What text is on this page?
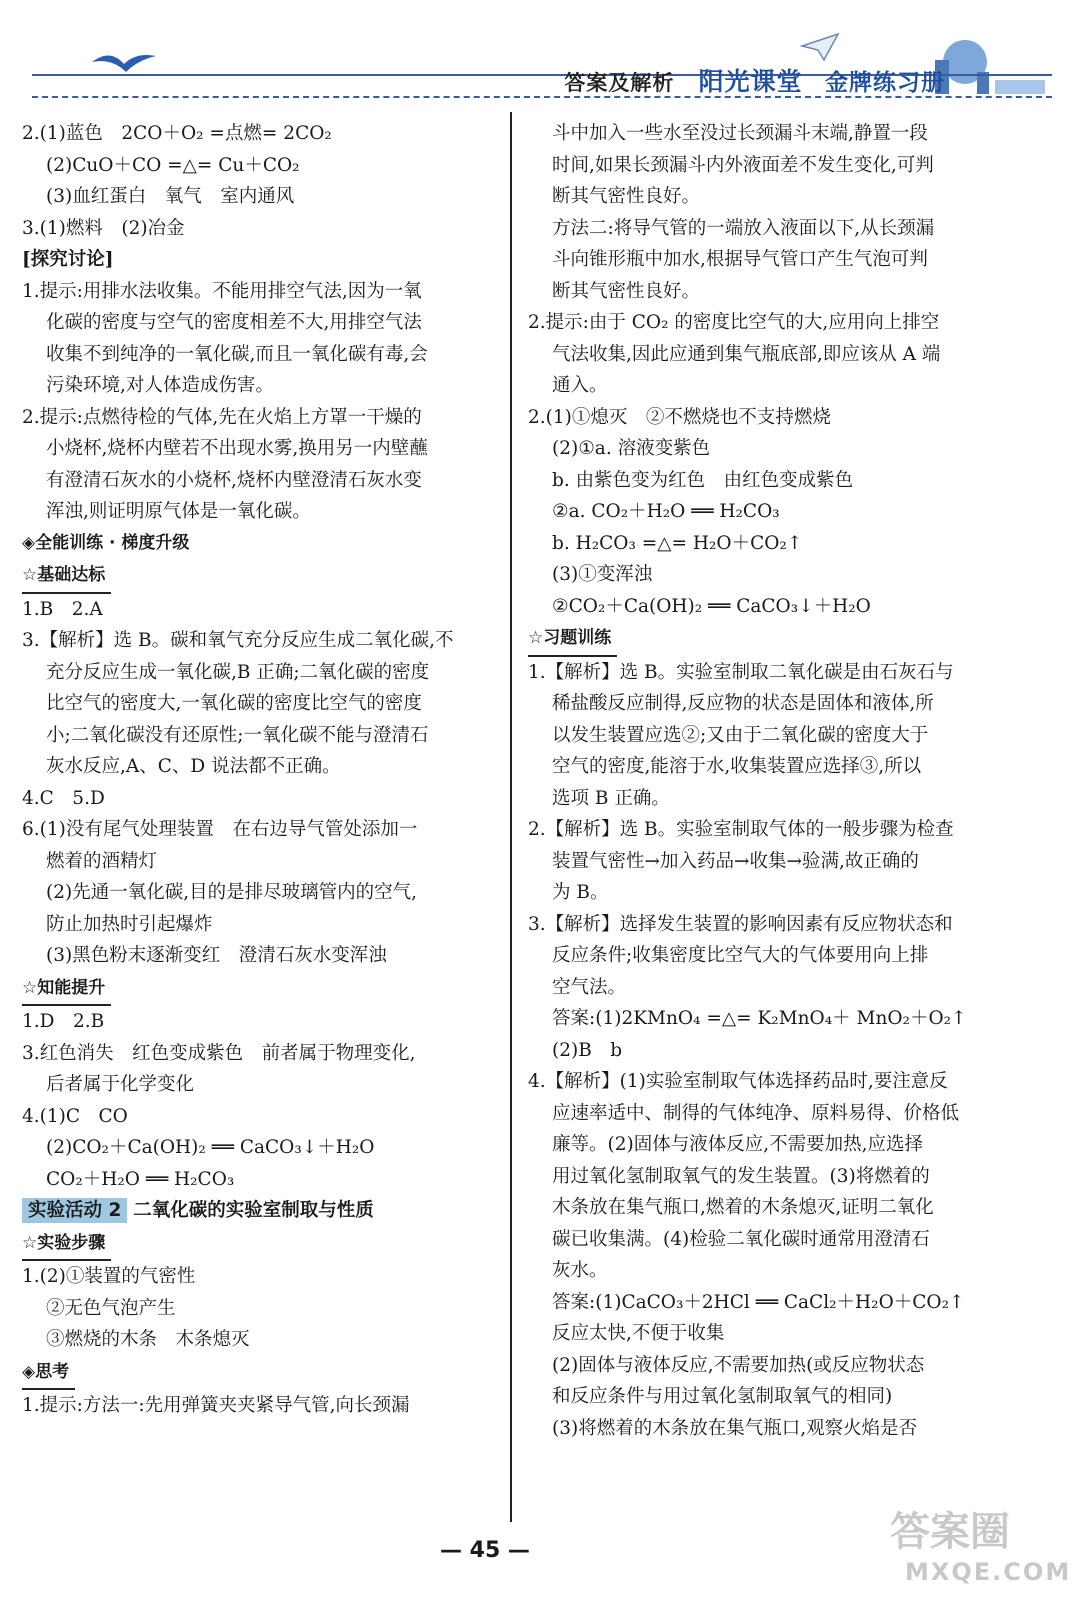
答案及解析 阳光课堂 金牌练习册
2.(1)蓝色　2CO＋O₂ =点燃= 2CO₂
(2)CuO＋CO =△= Cu＋CO₂
(3)血红蛋白　氧气　室内通风
3.(1)燃料　(2)冶金
[探究讨论]
1.提示:用排水法收集。不能用排空气法,因为一氧
化碳的密度与空气的密度相差不大,用排空气法
收集不到纯净的一氧化碳,而且一氧化碳有毒,会
污染环境,对人体造成伤害。
2.提示:点燃待检的气体,先在火焰上方罩一干燥的
小烧杯,烧杯内壁若不出现水雾,换用另一内壁蘸
有澄清石灰水的小烧杯,烧杯内壁澄清石灰水变
浑浊,则证明原气体是一氧化碳。
◈全能训练 · 梯度升级
☆基础达标
1.B　2.A
3.【解析】选 B。碳和氧气充分反应生成二氧化碳,不
充分反应生成一氧化碳,B 正确;二氧化碳的密度
比空气的密度大,一氧化碳的密度比空气的密度
小;二氧化碳没有还原性;一氧化碳不能与澄清石
灰水反应,A、C、D 说法都不正确。
4.C　5.D
6.(1)没有尾气处理装置　在右边导气管处添加一
燃着的酒精灯
(2)先通一氧化碳,目的是排尽玻璃管内的空气,
防止加热时引起爆炸
(3)黑色粉末逐渐变红　澄清石灰水变浑浊
☆知能提升
1.D　2.B
3.红色消失　红色变成紫色　前者属于物理变化,
后者属于化学变化
4.(1)C　CO
(2)CO₂＋Ca(OH)₂ ══ CaCO₃↓＋H₂O
CO₂＋H₂O ══ H₂CO₃
实验活动 2 二氧化碳的实验室制取与性质
☆实验步骤
1.(2)①装置的气密性
②无色气泡产生
③燃烧的木条　木条熄灭
◈思考
1.提示:方法一:先用弹簧夹夹紧导气管,向长颈漏
斗中加入一些水至没过长颈漏斗末端,静置一段
时间,如果长颈漏斗内外液面差不发生变化,可判
断其气密性良好。
方法二:将导气管的一端放入液面以下,从长颈漏
斗向锥形瓶中加水,根据导气管口产生气泡可判
断其气密性良好。
2.提示:由于 CO₂ 的密度比空气的大,应用向上排空
气法收集,因此应通到集气瓶底部,即应该从 A 端
通入。
2.(1)①熄灭　②不燃烧也不支持燃烧
(2)①a. 溶液变紫色
b. 由紫色变为红色　由红色变成紫色
②a. CO₂＋H₂O ══ H₂CO₃
b. H₂CO₃ =△= H₂O＋CO₂↑
(3)①变浑浊
②CO₂＋Ca(OH)₂ ══ CaCO₃↓＋H₂O
☆习题训练
1.【解析】选 B。实验室制取二氧化碳是由石灰石与
稀盐酸反应制得,反应物的状态是固体和液体,所
以发生装置应选②;又由于二氧化碳的密度大于
空气的密度,能溶于水,收集装置应选择③,所以
选项 B 正确。
2.【解析】选 B。实验室制取气体的一般步骤为检查
装置气密性→加入药品→收集→验满,故正确的
为 B。
3.【解析】选择发生装置的影响因素有反应物状态和
反应条件;收集密度比空气大的气体要用向上排
空气法。
答案:(1)2KMnO₄ =△= K₂MnO₄＋ MnO₂＋O₂↑
(2)B　b
4.【解析】(1)实验室制取气体选择药品时,要注意反
应速率适中、制得的气体纯净、原料易得、价格低
廉等。(2)固体与液体反应,不需要加热,应选择
用过氧化氢制取氧气的发生装置。(3)将燃着的
木条放在集气瓶口,燃着的木条熄灭,证明二氧化
碳已收集满。(4)检验二氧化碳时通常用澄清石
灰水。
答案:(1)CaCO₃＋2HCl ══ CaCl₂＋H₂O＋CO₂↑
反应太快,不便于收集
(2)固体与液体反应,不需要加热(或反应物状态
和反应条件与用过氧化氢制取氧气的相同)
(3)将燃着的木条放在集气瓶口,观察火焰是否
— 45 —	答案圈
MXQE.COM
